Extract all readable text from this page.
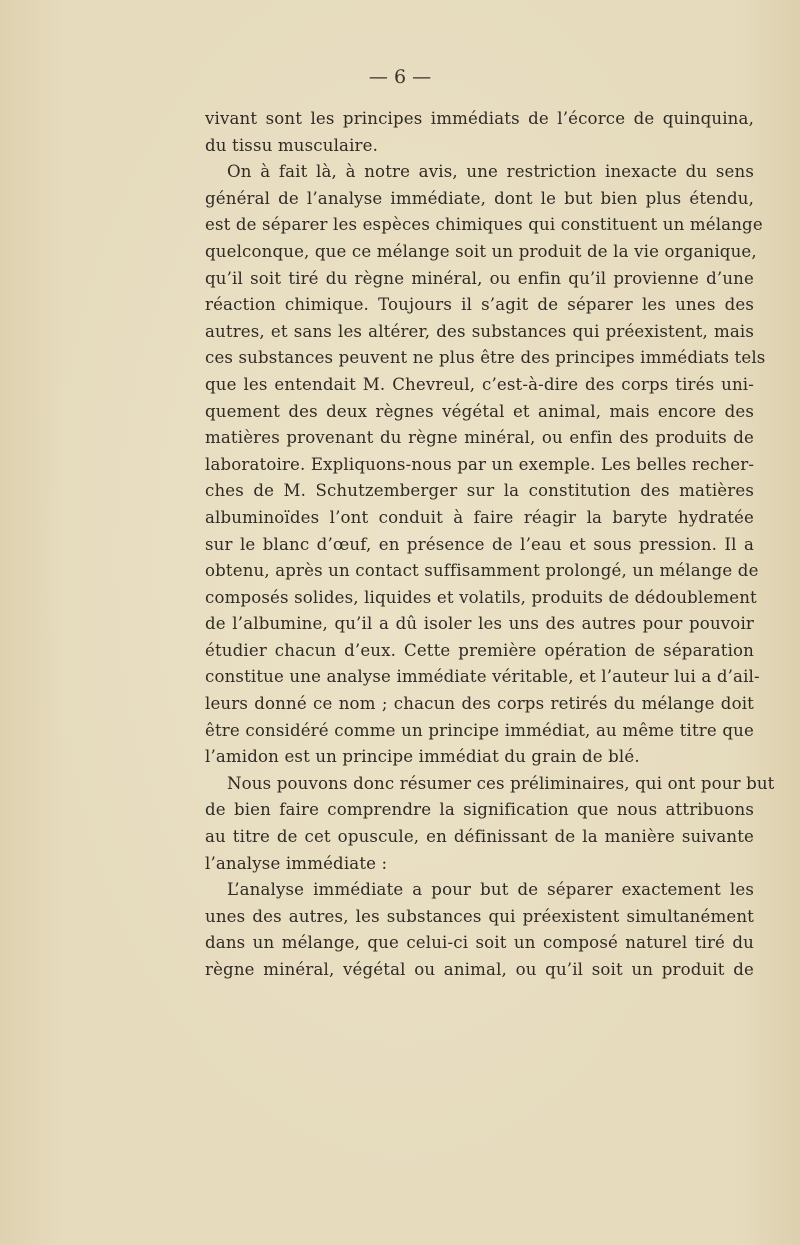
— 6 —

vivant sont les principes immédiats de l’écorce de quinquina,
du tissu musculaire.
On à fait là, à notre avis, une restriction inexacte du sens
général de l’analyse immédiate, dont le but bien plus étendu,
est de séparer les espèces chimiques qui constituent un mélange
quelconque, que ce mélange soit un produit de la vie organique,
qu’il soit tiré du règne minéral, ou enfin qu’il provienne d’une
réaction chimique. Toujours il s’agit de séparer les unes des
autres, et sans les altérer, des substances qui préexistent, mais
ces substances peuvent ne plus être des principes immédiats tels
que les entendait M. Chevreul, c’est-à-dire des corps tirés uni-
quement des deux règnes végétal et animal, mais encore des
matières provenant du règne minéral, ou enfin des produits de
laboratoire. Expliquons-nous par un exemple. Les belles recher-
ches de M. Schutzemberger sur la constitution des matières
albuminoïdes l’ont conduit à faire réagir la baryte hydratée
sur le blanc d’œuf, en présence de l’eau et sous pression. Il a
obtenu, après un contact suffisamment prolongé, un mélange de
composés solides, liquides et volatils, produits de dédoublement
de l’albumine, qu’il a dû isoler les uns des autres pour pouvoir
étudier chacun d’eux. Cette première opération de séparation
constitue une analyse immédiate véritable, et l’auteur lui a d’ail-
leurs donné ce nom ; chacun des corps retirés du mélange doit
être considéré comme un principe immédiat, au même titre que
l’amidon est un principe immédiat du grain de blé.
Nous pouvons donc résumer ces préliminaires, qui ont pour but
de bien faire comprendre la signification que nous attribuons
au titre de cet opuscule, en définissant de la manière suivante
l’analyse immédiate :
L’analyse immédiate a pour but de séparer exactement les
unes des autres, les substances qui préexistent simultanément
dans un mélange, que celui-ci soit un composé naturel tiré du
règne minéral, végétal ou animal, ou qu’il soit un produit de
